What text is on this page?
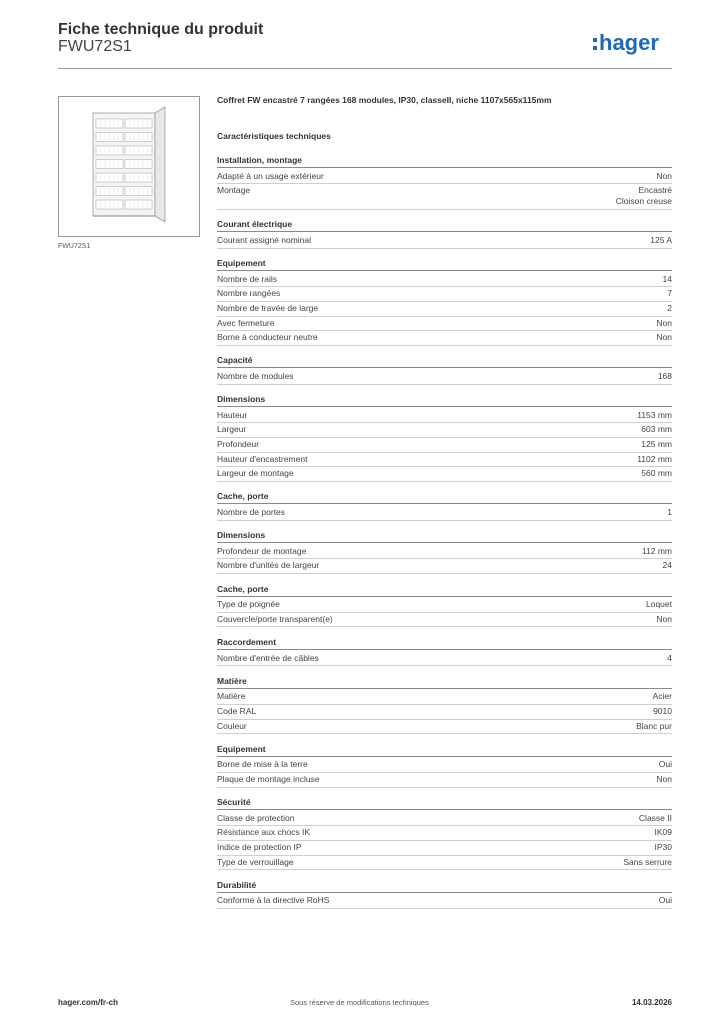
Fiche technique du produit
FWU72S1	hager
FWU72S1
Coffret FW encastré 7 rangées 168 modules, IP30, classeII, niche 1107x565x115mm
Caractéristiques techniques
Installation, montage
Adapté à un usage extérieur	Non
Montage	Encastré
Cloison creuse
Courant électrique
Courant assigné nominal	125 A
Equipement
Nombre de rails	14
Nombre rangées	7
Nombre de travée de large	2
Avec fermeture	Non
Borne à conducteur neutre	Non
Capacité
Nombre de modules	168
Dimensions
Hauteur	1153 mm
Largeur	603 mm
Profondeur	125 mm
Hauteur d'encastrement	1102 mm
Largeur de montage	560 mm
Cache, porte
Nombre de portes	1
Dimensions
Profondeur de montage	112 mm
Nombre d'unités de largeur	24
Cache, porte
Type de poignée	Loquet
Couvercle/porte transparent(e)	Non
Raccordement
Nombre d'entrée de câbles	4
Matière
Matière	Acier
Code RAL	9010
Couleur	Blanc pur
Equipement
Borne de mise à la terre	Oui
Plaque de montage incluse	Non
Sécurité
Classe de protection	Classe II
Résistance aux chocs IK	IK09
Indice de protection IP	IP30
Type de verrouillage	Sans serrure
Durabilité
Conforme à la directive RoHS	Oui
hager.com/fr-ch	Sous réserve de modifications techniques	14.03.2026
